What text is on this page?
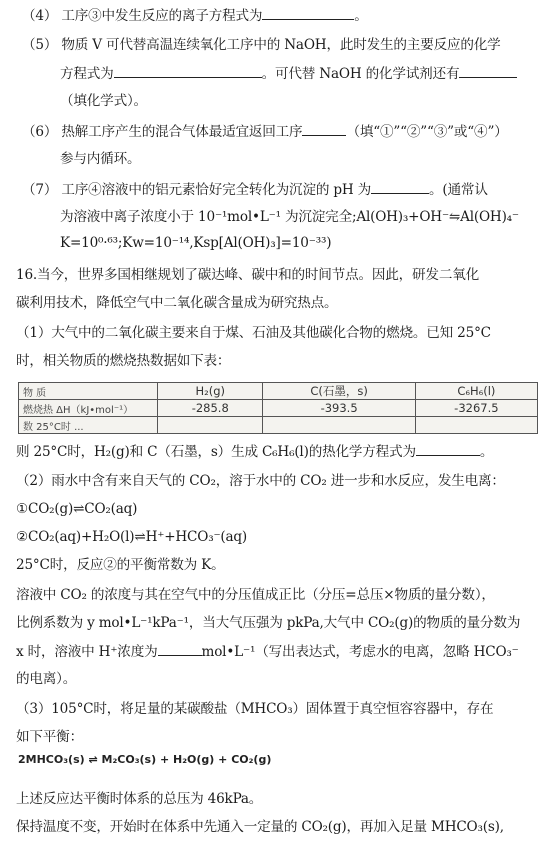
（4） 工序③中发生反应的离子方程式为	。
（5） 物质 V 可代替高温连续氧化工序中的 NaOH，此时发生的主要反应的化学
方程式为	。可代替 NaOH 的化学试剂还有
（填化学式）。
（6） 热解工序产生的混合气体最适宜返回工序	（填“①”“②”“③”或“④”）
参与内循环。
（7） 工序④溶液中的铝元素恰好完全转化为沉淀的 pH 为	。(通常认
为溶液中离子浓度小于 10⁻¹mol•L⁻¹ 为沉淀完全;Al(OH)₃+OH⁻⇋Al(OH)₄⁻
K=10⁰·⁶³;Kw=10⁻¹⁴,Ksp[Al(OH)₃]=10⁻³³)
16.当今，世界多国相继规划了碳达峰、碳中和的时间节点。因此，研发二氧化
碳利用技术，降低空气中二氧化碳含量成为研究热点。
（1）大气中的二氧化碳主要来自于煤、石油及其他碳化合物的燃烧。已知 25°C
时，相关物质的燃烧热数据如下表：
物 质	H₂(g)	C(石墨，s)	C₆H₆(l)
燃烧热 ΔH（kJ•mol⁻¹）	-285.8	-393.5	-3267.5
数 25°C时 ...			
则 25°C时，H₂(g)和 C（石墨，s）生成 C₆H₆(l)的热化学方程式为	。
（2）雨水中含有来自天气的 CO₂，溶于水中的 CO₂ 进一步和水反应，发生电离：
①CO₂(g)⇌CO₂(aq)
②CO₂(aq)+H₂O(l)⇌H⁺+HCO₃⁻(aq)
25°C时，反应②的平衡常数为 K。
溶液中 CO₂ 的浓度与其在空气中的分压值成正比（分压=总压×物质的量分数），
比例系数为 y mol•L⁻¹kPa⁻¹，当大气压强为 pkPa,大气中 CO₂(g)的物质的量分数为
x 时，溶液中 H⁺浓度为	mol•L⁻¹（写出表达式，考虑水的电离，忽略 HCO₃⁻
的电离）。
（3）105°C时，将足量的某碳酸盐（MHCO₃）固体置于真空恒容容器中，存在
如下平衡：
2MHCO₃(s) ⇌ M₂CO₃(s) + H₂O(g) + CO₂(g)
上述反应达平衡时体系的总压为 46kPa。
保持温度不变，开始时在体系中先通入一定量的 CO₂(g)，再加入足量 MHCO₃(s),
